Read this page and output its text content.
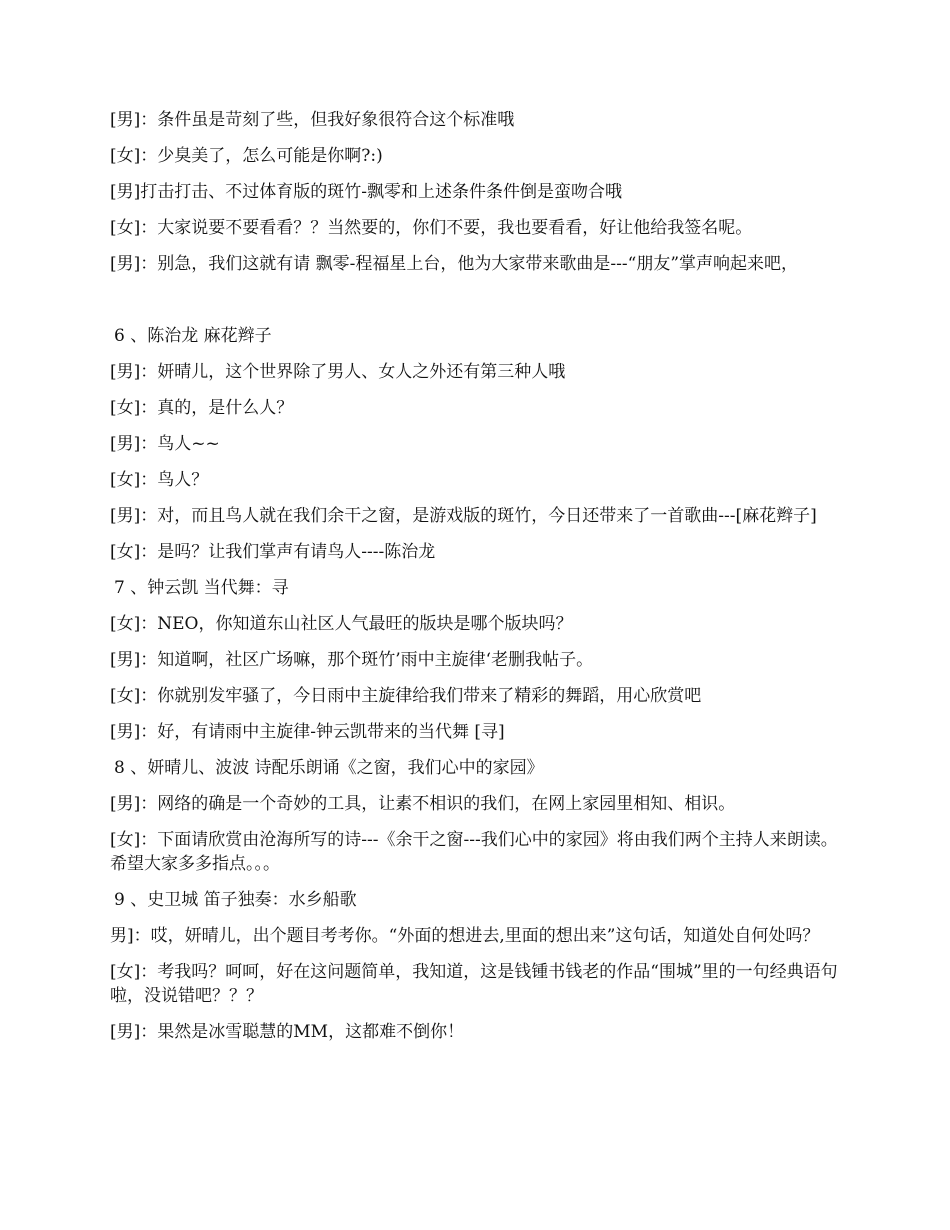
[男]：条件虽是苛刻了些，但我好象很符合这个标准哦

[女]：少臭美了，怎么可能是你啊?:)

[男]打击打击、不过体育版的斑竹-飘零和上述条件条件倒是蛮吻合哦

[女]：大家说要不要看看？？当然要的，你们不要，我也要看看，好让他给我签名呢。

[男]：别急，我们这就有请 飘零-程福星上台，他为大家带来歌曲是---“朋友”掌声响起来吧，

6 、陈治龙 麻花辫子

[男]：妍晴儿，这个世界除了男人、女人之外还有第三种人哦

[女]：真的，是什么人？

[男]：鸟人~~

[女]：鸟人？

[男]：对，而且鸟人就在我们余干之窗，是游戏版的斑竹，今日还带来了一首歌曲---[麻花辫子]

[女]：是吗？让我们掌声有请鸟人----陈治龙

7 、钟云凯 当代舞：寻

[女]：NEO，你知道东山社区人气最旺的版块是哪个版块吗？

[男]：知道啊，社区广场嘛，那个斑竹’雨中主旋律‘老删我帖子。

[女]：你就别发牢骚了，今日雨中主旋律给我们带来了精彩的舞蹈，用心欣赏吧

[男]：好，有请雨中主旋律-钟云凯带来的当代舞 [寻]

8 、妍晴儿、波波 诗配乐朗诵《之窗，我们心中的家园》

[男]：网络的确是一个奇妙的工具，让素不相识的我们，在网上家园里相知、相识。

[女]：下面请欣赏由沧海所写的诗---《余干之窗---我们心中的家园》将由我们两个主持人来朗读。希望大家多多指点。。。

9 、史卫城 笛子独奏：水乡船歌

男]：哎，妍晴儿，出个题目考考你。“外面的想进去,里面的想出来”这句话，知道处自何处吗？

[女]：考我吗？呵呵，好在这问题简单，我知道，这是钱锺书钱老的作品“围城”里的一句经典语句啦，没说错吧？？？

[男]：果然是冰雪聪慧的MM，这都难不倒你！
